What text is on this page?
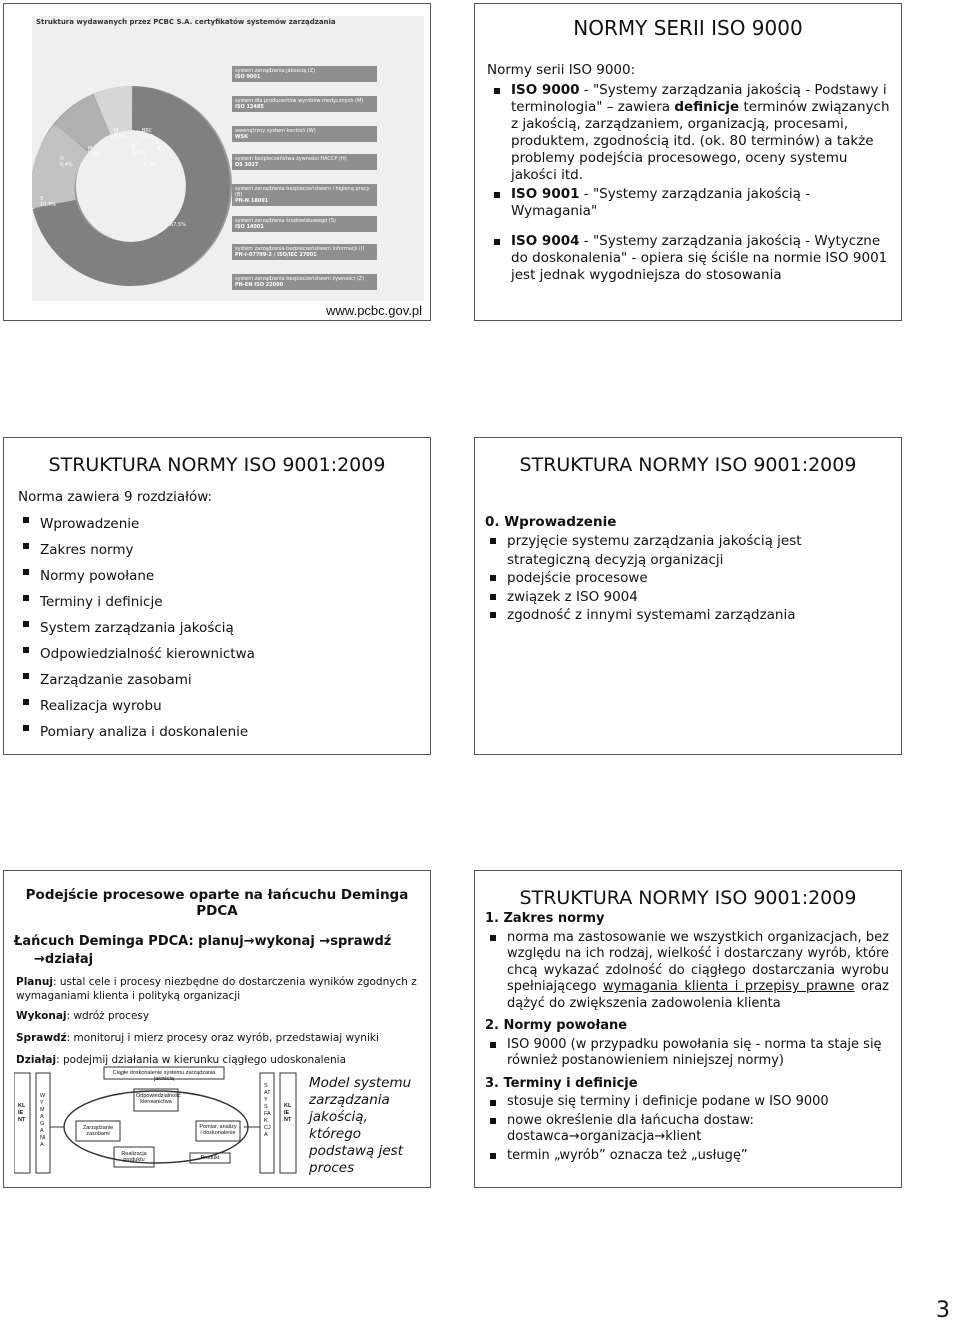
Struktura wydawanych przez PCBC S.A. certyfikatów systemów zarządzania
Z
67,5%
S
10,7%
H
6,4%
M
7,0%
M
1,5%
B
3,7%
I
0,3%
BRC
1,6%
I
0,3%
system zarządzania jakością (Z)
ISO 9001
system dla producentów wyrobów medycznych (M)
ISO 13485
wewnętrzny system kontroli (W)
WSK
system bezpieczeństwa żywności HACCP (H)
DS 3027
system zarządzania bezpieczeństwem i higieną pracy (B)
PN-N 18001
system zarządzania środowiskowego (S)
ISO 14001
system zarządzania bezpieczeństwem informacji (I)
PN-I-07799-2 / ISO/IEC 27001
system zarządzania bezpieczeństwem żywności (Z)
PN-EN ISO 22000
www.pcbc.gov.pl
NORMY SERII ISO 9000
Normy serii ISO 9000:
ISO 9000 - "Systemy zarządzania jakością - Podstawy i terminologia" – zawiera definicje terminów związanych z jakością, zarządzaniem, organizacją, procesami, produktem, zgodnością itd. (ok. 80 terminów) a także problemy podejścia procesowego, oceny systemu jakości itd.
ISO 9001 - "Systemy zarządzania jakością - Wymagania"
ISO 9004 - "Systemy zarządzania jakością - Wytyczne do doskonalenia" - opiera się ściśle na normie ISO 9001 jest jednak wygodniejsza do stosowania
STRUKTURA NORMY ISO 9001:2009
Norma zawiera 9 rozdziałów:
Wprowadzenie
Zakres normy
Normy powołane
Terminy i definicje
System zarządzania jakością
Odpowiedzialność kierownictwa
Zarządzanie zasobami
Realizacja wyrobu
Pomiary analiza i doskonalenie
STRUKTURA NORMY ISO 9001:2009
0. Wprowadzenie
przyjęcie systemu zarządzania jakością jest strategiczną decyzją organizacji
podejście procesowe
związek z ISO 9004
zgodność z innymi systemami zarządzania
Podejście procesowe oparte na łańcuchu Deminga PDCA
Łańcuch Deminga PDCA: planuj→wykonaj →sprawdź
→działaj
Planuj: ustal cele i procesy niezbędne do dostarczenia wyników zgodnych z wymaganiami klienta i polityką organizacji
Wykonaj: wdróż procesy
Sprawdź: monitoruj i mierz procesy oraz wyrób, przedstawiaj wyniki
Działaj: podejmij działania w kierunku ciągłego udoskonalenia
Ciągłe doskonalenie systemu zarządzania jakością
Odpowiedzialność kierownictwa
Zarządzanie zasobami
Pomiar, analizy i doskonalenie
Realizacja produktu	Produkt
KLIENT
WYMAGANIA
SATYSFAKCJA
KLIENT
Model systemu zarządzania jakością, którego podstawą jest proces
STRUKTURA NORMY ISO 9001:2009
1. Zakres normy
norma ma zastosowanie we wszystkich organizacjach, bez względu na ich rodzaj, wielkość i dostarczany wyrób, które chcą wykazać zdolność do ciągłego dostarczania wyrobu spełniającego wymagania klienta i przepisy prawne oraz dążyć do zwiększenia zadowolenia klienta
2. Normy powołane
ISO 9000 (w przypadku powołania się - norma ta staje się również postanowieniem niniejszej normy)
3. Terminy i definicje
stosuje się terminy i definicje podane w ISO 9000
nowe określenie dla łańcucha dostaw: dostawca→organizacja→klient
termin „wyrób” oznacza też „usługę”
3
